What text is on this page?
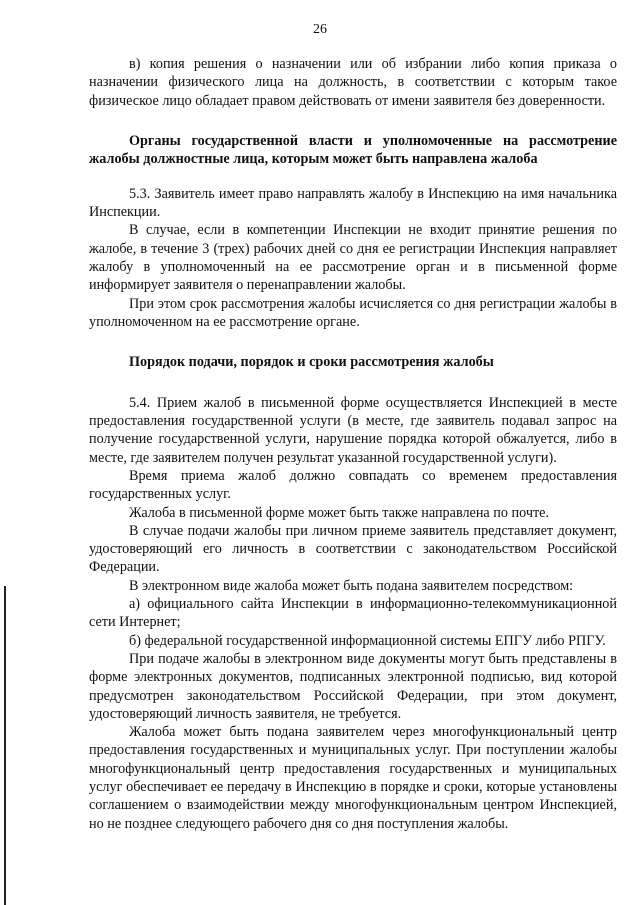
26

в) копия решения о назначении или об избрании либо копия приказа о назначении физического лица на должность, в соответствии с которым такое физическое лицо обладает правом действовать от имени заявителя без доверенности.

Органы государственной власти и уполномоченные на рассмотрение жалобы должностные лица, которым может быть направлена жалоба

5.3. Заявитель имеет право направлять жалобу в Инспекцию на имя начальника Инспекции.

В случае, если в компетенции Инспекции не входит принятие решения по жалобе, в течение 3 (трех) рабочих дней со дня ее регистрации Инспекция направляет жалобу в уполномоченный на ее рассмотрение орган и в письменной форме информирует заявителя о перенаправлении жалобы.

При этом срок рассмотрения жалобы исчисляется со дня регистрации жалобы в уполномоченном на ее рассмотрение органе.

Порядок подачи, порядок и сроки рассмотрения жалобы

5.4. Прием жалоб в письменной форме осуществляется Инспекцией в месте предоставления государственной услуги (в месте, где заявитель подавал запрос на получение государственной услуги, нарушение порядка которой обжалуется, либо в месте, где заявителем получен результат указанной государственной услуги).

Время приема жалоб должно совпадать со временем предоставления государственных услуг.

Жалоба в письменной форме может быть также направлена по почте.

В случае подачи жалобы при личном приеме заявитель представляет документ, удостоверяющий его личность в соответствии с законодательством Российской Федерации.

В электронном виде жалоба может быть подана заявителем посредством:

а) официального сайта Инспекции в информационно-телекоммуникационной сети Интернет;

б) федеральной государственной информационной системы ЕПГУ либо РПГУ.

При подаче жалобы в электронном виде документы могут быть представлены в форме электронных документов, подписанных электронной подписью, вид которой предусмотрен законодательством Российской Федерации, при этом документ, удостоверяющий личность заявителя, не требуется.

Жалоба может быть подана заявителем через многофункциональный центр предоставления государственных и муниципальных услуг. При поступлении жалобы многофункциональный центр предоставления государственных и муниципальных услуг обеспечивает ее передачу в Инспекцию в порядке и сроки, которые установлены соглашением о взаимодействии между многофункциональным центром Инспекцией, но не позднее следующего рабочего дня со дня поступления жалобы.
